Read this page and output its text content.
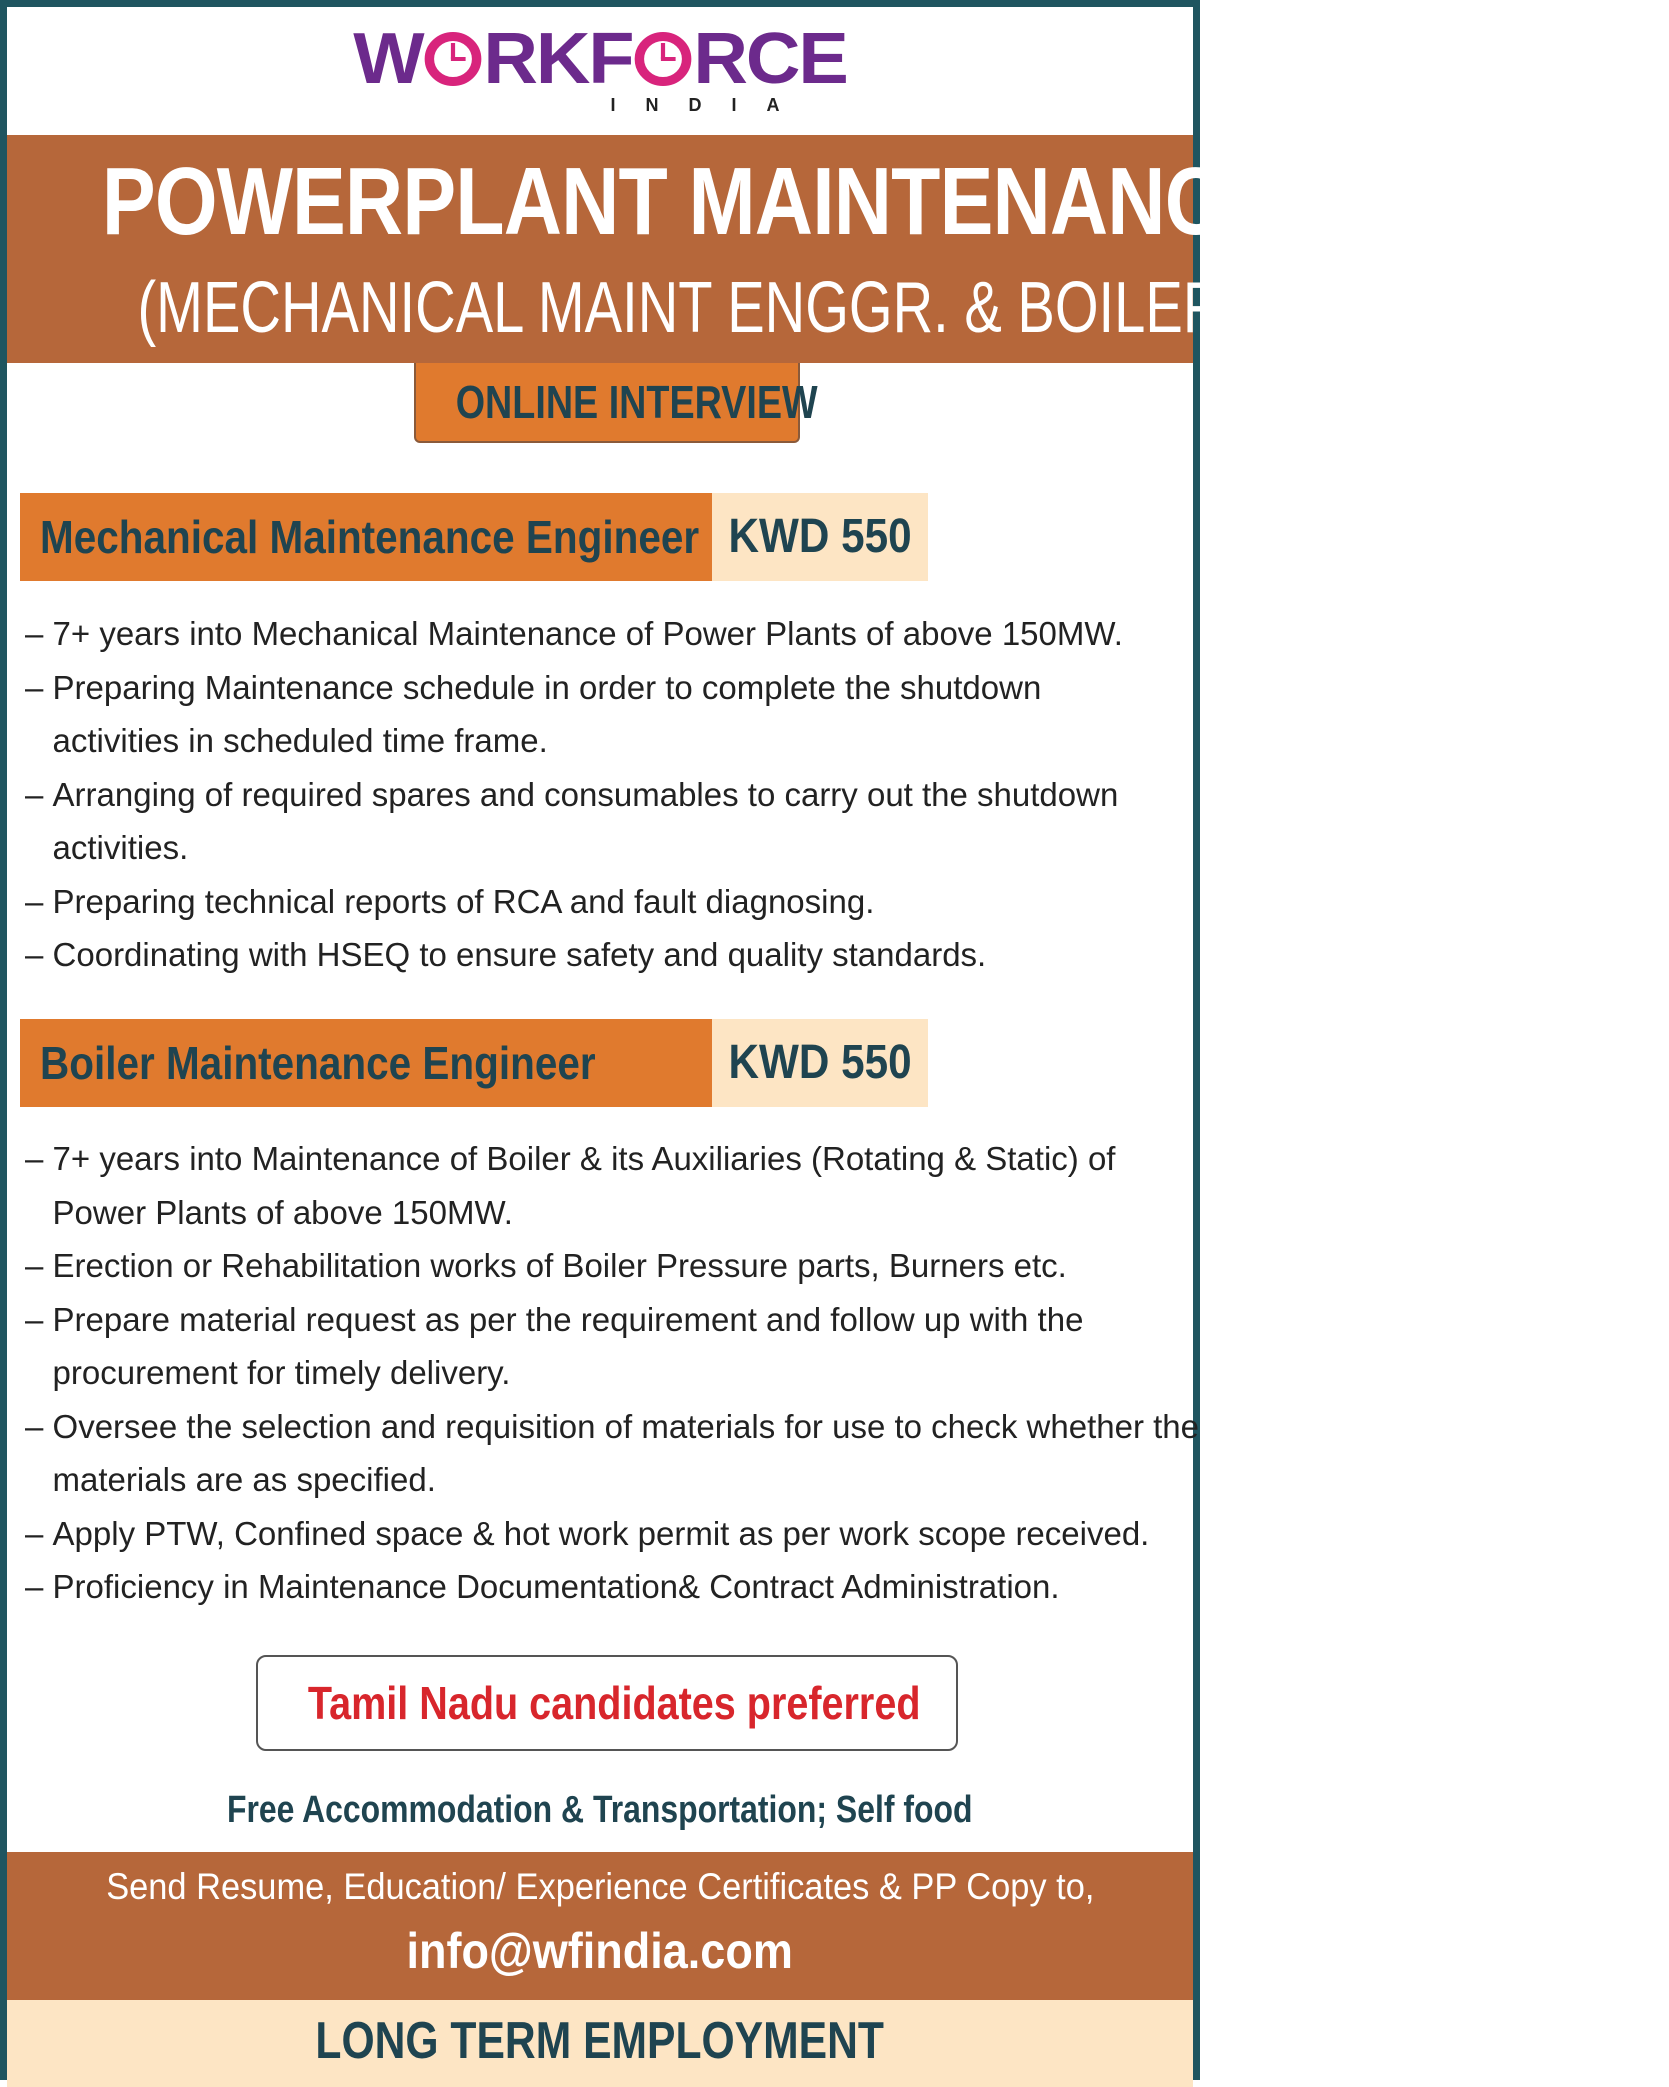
W RKF RCE
INDIA
POWERPLANT MAINTENANCE - KUWAIT
(MECHANICAL MAINT ENGGR. & BOILER MAINT ENGGR.)
ONLINE INTERVIEW
Mechanical Maintenance Engineer KWD 550
– 7+ years into Mechanical Maintenance of Power Plants of above 150MW.
– Preparing Maintenance schedule in order to complete the shutdown activities in scheduled time frame.
– Arranging of required spares and consumables to carry out the shutdown activities.
– Preparing technical reports of RCA and fault diagnosing.
– Coordinating with HSEQ to ensure safety and quality standards.
Boiler Maintenance Engineer	KWD 550
– 7+ years into Maintenance of Boiler & its Auxiliaries (Rotating & Static) of Power Plants of above 150MW.
– Erection or Rehabilitation works of Boiler Pressure parts, Burners etc.
– Prepare material request as per the requirement and follow up with the procurement for timely delivery.
– Oversee the selection and requisition of materials for use to check whether the materials are as specified.
– Apply PTW, Confined space & hot work permit as per work scope received.
– Proficiency in Maintenance Documentation& Contract Administration.
Tamil Nadu candidates preferred
Free Accommodation & Transportation; Self food
Send Resume, Education/ Experience Certificates & PP Copy to,
info@wfindia.com
LONG TERM EMPLOYMENT
